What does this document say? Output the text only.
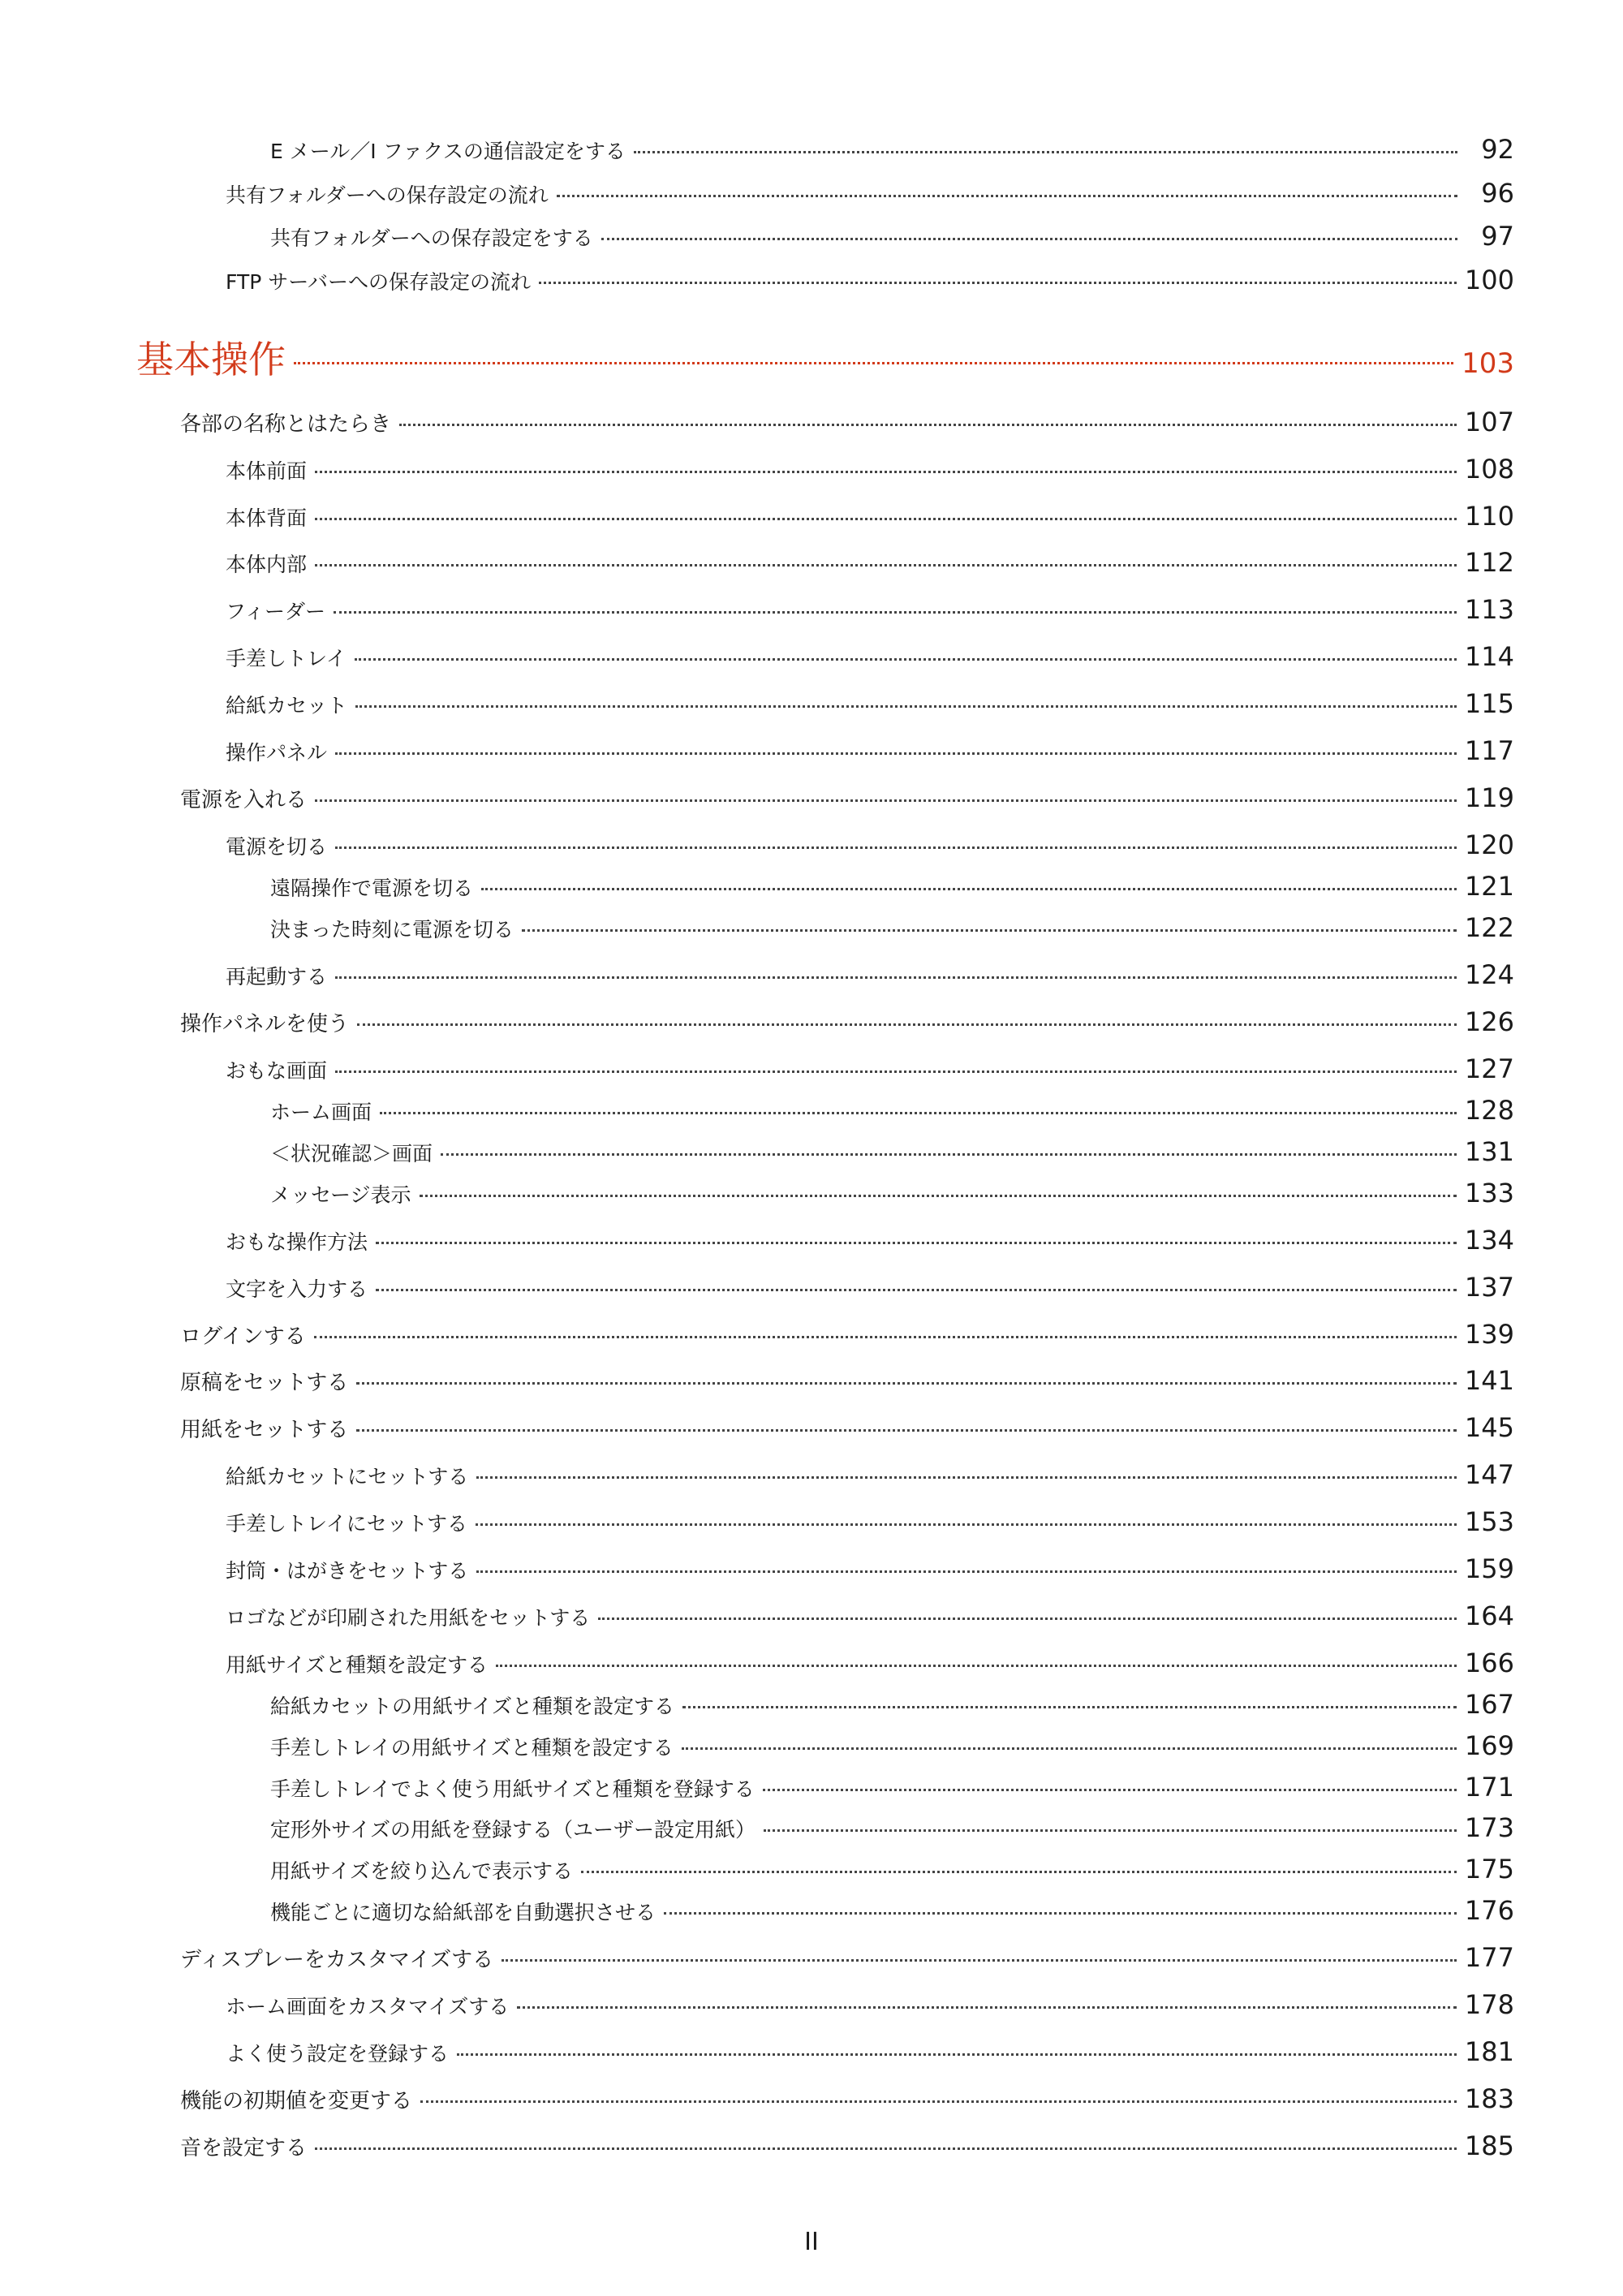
E メール／I ファクスの通信設定をする	92
共有フォルダーへの保存設定の流れ	96
共有フォルダーへの保存設定をする	97
FTP サーバーへの保存設定の流れ	100
基本操作	103
各部の名称とはたらき	107
本体前面	108
本体背面	110
本体内部	112
フィーダー	113
手差しトレイ	114
給紙カセット	115
操作パネル	117
電源を入れる	119
電源を切る	120
遠隔操作で電源を切る	121
決まった時刻に電源を切る	122
再起動する	124
操作パネルを使う	126
おもな画面	127
ホーム画面	128
＜状況確認＞画面	131
メッセージ表示	133
おもな操作方法	134
文字を入力する	137
ログインする	139
原稿をセットする	141
用紙をセットする	145
給紙カセットにセットする	147
手差しトレイにセットする	153
封筒・はがきをセットする	159
ロゴなどが印刷された用紙をセットする	164
用紙サイズと種類を設定する	166
給紙カセットの用紙サイズと種類を設定する	167
手差しトレイの用紙サイズと種類を設定する	169
手差しトレイでよく使う用紙サイズと種類を登録する	171
定形外サイズの用紙を登録する（ユーザー設定用紙）	173
用紙サイズを絞り込んで表示する	175
機能ごとに適切な給紙部を自動選択させる	176
ディスプレーをカスタマイズする	177
ホーム画面をカスタマイズする	178
よく使う設定を登録する	181
機能の初期値を変更する	183
音を設定する	185
II
